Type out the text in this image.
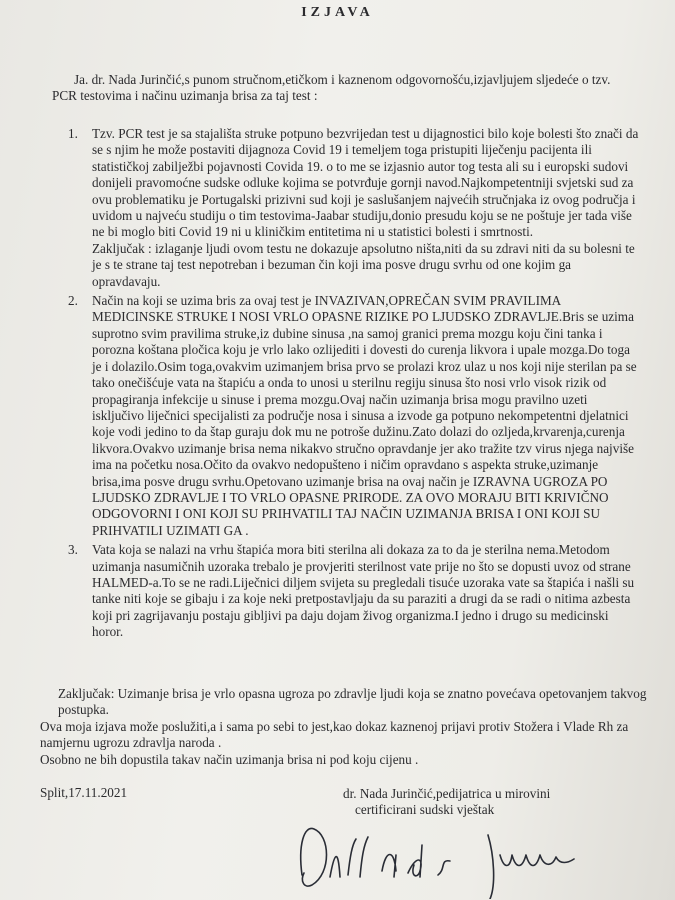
IZJAVA
Ja. dr. Nada Jurinčić,s punom stručnom,etičkom i kaznenom odgovornošću,izjavljujem sljedeće o tzv. PCR testovima i načinu uzimanja brisa za taj test :
1. Tzv. PCR test je sa stajališta struke potpuno bezvrijedan test u dijagnostici bilo koje bolesti što znači da se s njim he može postaviti dijagnoza Covid 19 i temeljem toga pristupiti liječenju pacijenta ili statističkoj zabilježbi pojavnosti Covida 19. o to me se izjasnio autor tog testa ali su i europski sudovi donijeli pravomoćne sudske odluke kojima se potvrđuje gornji navod.Najkompetentniji svjetski sud za ovu problematiku je Portugalski prizivni sud koji je saslušanjem najvećih stručnjaka iz ovog područja i uvidom u najveću studiju o tim testovima-Jaabar studiju,donio presudu koju se ne poštuje jer tada više ne bi moglo biti Covid 19 ni u kliničkim entitetima ni u statistici bolesti i smrtnosti.

Zaključak : izlaganje ljudi ovom testu ne dokazuje apsolutno ništa,niti da su zdravi niti da su bolesni te je s te strane taj test nepotreban i bezuman čin koji ima posve drugu svrhu od one kojim ga opravdavaju.

2. Način na koji se uzima bris za ovaj test je INVAZIVAN,OPREČAN SVIM PRAVILIMA MEDICINSKE STRUKE I NOSI VRLO OPASNE RIZIKE PO LJUDSKO ZDRAVLJE.Bris se uzima suprotno svim pravilima struke,iz dubine sinusa ,na samoj granici prema mozgu koju čini tanka i porozna koštana pločica koju je vrlo lako ozlijediti i dovesti do curenja likvora i upale mozga.Do toga je i dolazilo.Osim toga,ovakvim uzimanjem brisa prvo se prolazi kroz ulaz u nos koji nije sterilan pa se tako onečišćuje vata na štapiću a onda to unosi u sterilnu regiju sinusa što nosi vrlo visok rizik od propagiranja infekcije u sinuse i prema mozgu.Ovaj način uzimanja brisa mogu pravilno uzeti isključivo liječnici specijalisti za područje nosa i sinusa a izvode ga potpuno nekompetentni djelatnici koje vodi jedino to da štap guraju dok mu ne potroše dužinu.Zato dolazi do ozljeda,krvarenja,curenja likvora.Ovakvo uzimanje brisa nema nikakvo stručno opravdanje jer ako tražite tzv virus njega najviše ima na početku nosa.Očito da ovakvo nedopušteno i ničim opravdano s aspekta struke,uzimanje brisa,ima posve drugu svrhu.Opetovano uzimanje brisa na ovaj način je IZRAVNA UGROZA PO LJUDSKO ZDRAVLJE I TO VRLO OPASNE PRIRODE. ZA OVO MORAJU BITI KRIVIČNO ODGOVORNI I ONI KOJI SU PRIHVATILI TAJ NAČIN UZIMANJA BRISA I ONI KOJI SU PRIHVATILI UZIMATI GA .

3. Vata koja se nalazi na vrhu štapića mora biti sterilna ali dokaza za to da je sterilna nema.Metodom uzimanja nasumičnih uzoraka trebalo je provjeriti sterilnost vate prije no što se dopusti uvoz od strane HALMED-a.To se ne radi.Liječnici diljem svijeta su pregledali tisuće uzoraka vate sa štapića i našli su tanke niti koje se gibaju i za koje neki pretpostavljaju da su paraziti a drugi da se radi o nitima azbesta koji pri zagrijavanju postaju gibljivi pa daju dojam živog organizma.I jedno i drugo su medicinski horor.

Zaključak: Uzimanje brisa je vrlo opasna ugroza po zdravlje ljudi koja se znatno povećava opetovanjem takvog postupka.

Ova moja izjava može poslužiti,a i sama po sebi to jest,kao dokaz kaznenoj prijavi protiv Stožera i Vlade Rh za namjernu ugrozu zdravlja naroda .

Osobno ne bih dopustila takav način uzimanja brisa ni pod koju cijenu .

Split,17.11.2021	dr. Nada Jurinčić,pedijatrica u mirovini
certificirani sudski vještak
